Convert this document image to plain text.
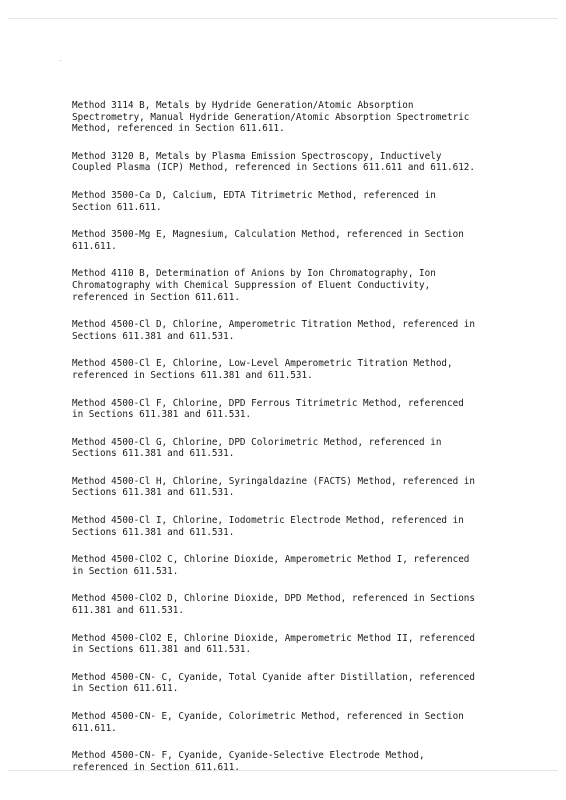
Method 3114 B, Metals by Hydride Generation/Atomic Absorption
Spectrometry, Manual Hydride Generation/Atomic Absorption Spectrometric
Method, referenced in Section 611.611.
Method 3120 B, Metals by Plasma Emission Spectroscopy, Inductively
Coupled Plasma (ICP) Method, referenced in Sections 611.611 and 611.612.
Method 3500-Ca D, Calcium, EDTA Titrimetric Method, referenced in
Section 611.611.
Method 3500-Mg E, Magnesium, Calculation Method, referenced in Section
611.611.
Method 4110 B, Determination of Anions by Ion Chromatography, Ion
Chromatography with Chemical Suppression of Eluent Conductivity,
referenced in Section 611.611.
Method 4500-Cl D, Chlorine, Amperometric Titration Method, referenced in
Sections 611.381 and 611.531.
Method 4500-Cl E, Chlorine, Low-Level Amperometric Titration Method,
referenced in Sections 611.381 and 611.531.
Method 4500-Cl F, Chlorine, DPD Ferrous Titrimetric Method, referenced
in Sections 611.381 and 611.531.
Method 4500-Cl G, Chlorine, DPD Colorimetric Method, referenced in
Sections 611.381 and 611.531.
Method 4500-Cl H, Chlorine, Syringaldazine (FACTS) Method, referenced in
Sections 611.381 and 611.531.
Method 4500-Cl I, Chlorine, Iodometric Electrode Method, referenced in
Sections 611.381 and 611.531.
Method 4500-ClO2 C, Chlorine Dioxide, Amperometric Method I, referenced
in Section 611.531.
Method 4500-ClO2 D, Chlorine Dioxide, DPD Method, referenced in Sections
611.381 and 611.531.
Method 4500-ClO2 E, Chlorine Dioxide, Amperometric Method II, referenced
in Sections 611.381 and 611.531.
Method 4500-CN- C, Cyanide, Total Cyanide after Distillation, referenced
in Section 611.611.
Method 4500-CN- E, Cyanide, Colorimetric Method, referenced in Section
611.611.
Method 4500-CN- F, Cyanide, Cyanide-Selective Electrode Method,
referenced in Section 611.611.
